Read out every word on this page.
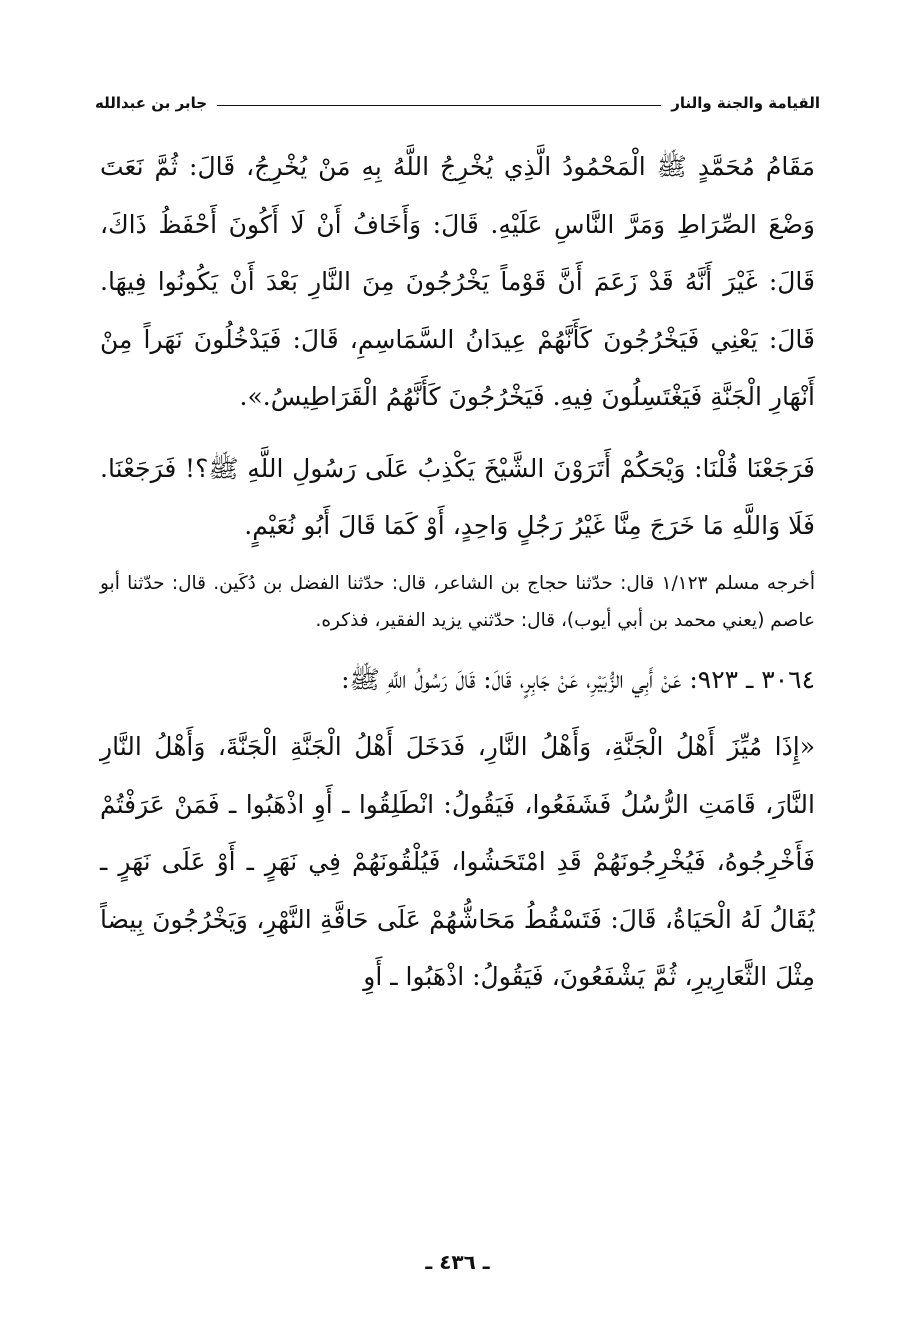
القيامة والجنة والنار
جابر بن عبدالله

مَقَامُ مُحَمَّدٍ ﷺ الْمَحْمُودُ الَّذِي يُخْرِجُ اللَّهُ بِهِ مَنْ يُخْرِجُ، قَالَ: ثُمَّ نَعَتَ وَضْعَ الصِّرَاطِ وَمَرَّ النَّاسِ عَلَيْهِ. قَالَ: وَأَخَافُ أَنْ لَا أَكُونَ أَحْفَظُ ذَاكَ، قَالَ: غَيْرَ أَنَّهُ قَدْ زَعَمَ أَنَّ قَوْماً يَخْرُجُونَ مِنَ النَّارِ بَعْدَ أَنْ يَكُونُوا فِيهَا. قَالَ: يَعْنِي فَيَخْرُجُونَ كَأَنَّهُمْ عِيدَانُ السَّمَاسِمِ، قَالَ: فَيَدْخُلُونَ نَهَراً مِنْ أَنْهَارِ الْجَنَّةِ فَيَغْتَسِلُونَ فِيهِ. فَيَخْرُجُونَ كَأَنَّهُمُ الْقَرَاطِيسُ.».

فَرَجَعْنَا قُلْنَا: وَيْحَكُمْ أَتَرَوْنَ الشَّيْخَ يَكْذِبُ عَلَى رَسُولِ اللَّهِ ﷺ؟! فَرَجَعْنَا. فَلَا وَاللَّهِ مَا خَرَجَ مِنَّا غَيْرُ رَجُلٍ وَاحِدٍ، أَوْ كَمَا قَالَ أَبُو نُعَيْمٍ.

أخرجه مسلم ١/١٢٣ قال: حدّثنا حجاج بن الشاعر، قال: حدّثنا الفضل بن دُكَين. قال: حدّثنا أبو عاصم (يعني محمد بن أبي أيوب)، قال: حدّثني يزيد الفقير، فذكره.

٣٠٦٤ ـ ٩٢٣: عَنْ أَبِي الزُّبَيْرِ، عَنْ جَابِرٍ، قَالَ: قَالَ رَسُولُ اللَّهِ ﷺ:

«إِذَا مُيِّزَ أَهْلُ الْجَنَّةِ، وَأَهْلُ النَّارِ، فَدَخَلَ أَهْلُ الْجَنَّةِ الْجَنَّةَ، وَأَهْلُ النَّارِ النَّارَ، قَامَتِ الرُّسُلُ فَشَفَعُوا، فَيَقُولُ: انْطَلِقُوا ـ أَوِ اذْهَبُوا ـ فَمَنْ عَرَفْتُمْ فَأَخْرِجُوهُ، فَيُخْرِجُونَهُمْ قَدِ امْتَحَشُوا، فَيُلْقُونَهُمْ فِي نَهَرٍ ـ أَوْ عَلَى نَهَرٍ ـ يُقَالُ لَهُ الْحَيَاةُ، قَالَ: فَتَسْقُطُ مَحَاشُّهُمْ عَلَى حَافَّةِ النَّهْرِ، وَيَخْرُجُونَ بِيضاً مِثْلَ الثَّعَارِيرِ، ثُمَّ يَشْفَعُونَ، فَيَقُولُ: اذْهَبُوا ـ أَوِ

ـ ٤٣٦ ـ
